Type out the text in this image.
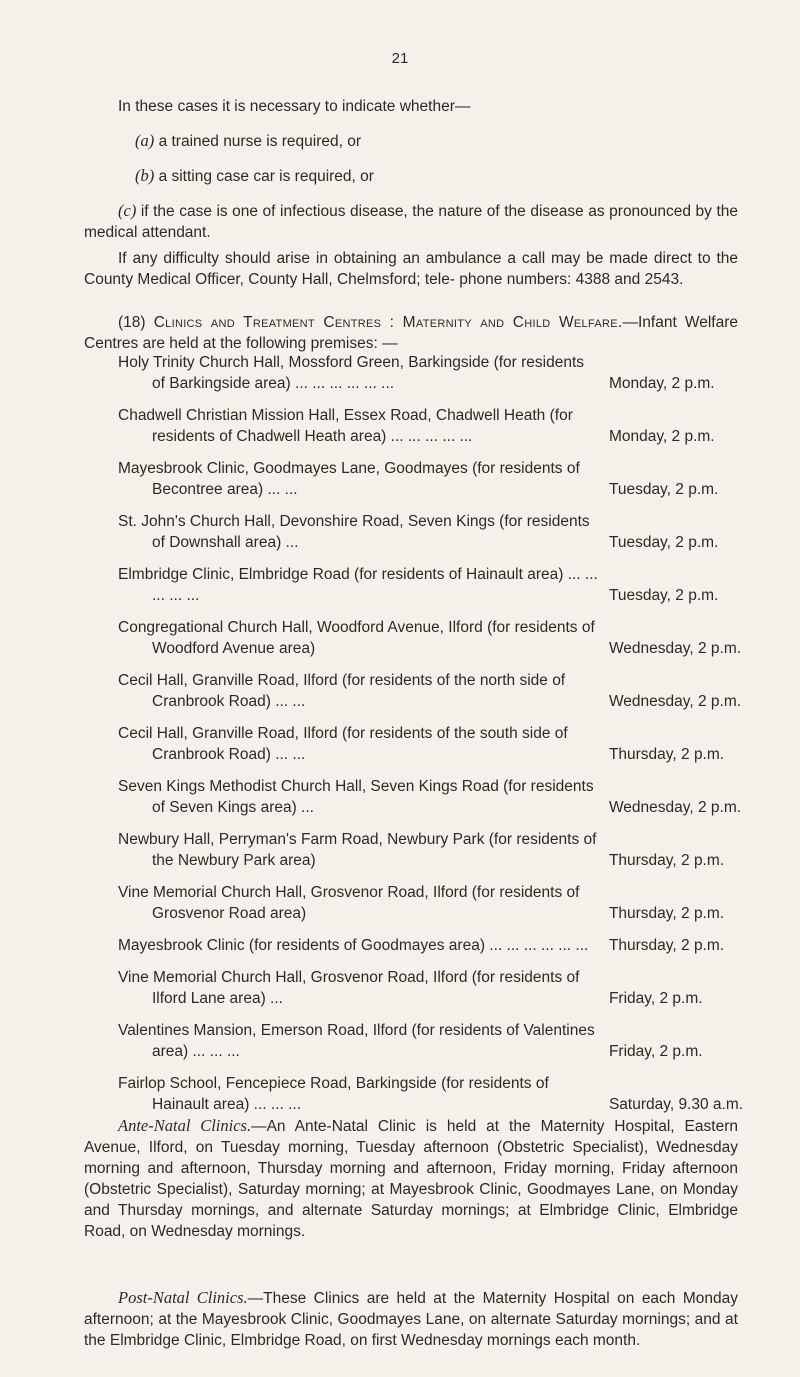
21

In these cases it is necessary to indicate whether—

(a) a trained nurse is required, or

(b) a sitting case car is required, or

(c) if the case is one of infectious disease, the nature of the disease as pronounced by the medical attendant.

If any difficulty should arise in obtaining an ambulance a call may be made direct to the County Medical Officer, County Hall, Chelmsford; tele- phone numbers: 4388 and 2543.

(18) Clinics and Treatment Centres : Maternity and Child Welfare.—Infant Welfare Centres are held at the following premises: —

Holy Trinity Church Hall, Mossford Green, Barkingside (for residents of Barkingside area) ... ... ... ... ... ...	Monday, 2 p.m.
Chadwell Christian Mission Hall, Essex Road, Chadwell Heath (for residents of Chadwell Heath area) ... ... ... ... ...	Monday, 2 p.m.
Mayesbrook Clinic, Goodmayes Lane, Goodmayes (for residents of Becontree area) ... ...	Tuesday, 2 p.m.
St. John's Church Hall, Devonshire Road, Seven Kings (for residents of Downshall area) ...	Tuesday, 2 p.m.
Elmbridge Clinic, Elmbridge Road (for residents of Hainault area) ... ... ... ... ...	Tuesday, 2 p.m.
Congregational Church Hall, Woodford Avenue, Ilford (for residents of Woodford Avenue area)	Wednesday, 2 p.m.
Cecil Hall, Granville Road, Ilford (for residents of the north side of Cranbrook Road) ... ...	Wednesday, 2 p.m.
Cecil Hall, Granville Road, Ilford (for residents of the south side of Cranbrook Road) ... ...	Thursday, 2 p.m.
Seven Kings Methodist Church Hall, Seven Kings Road (for residents of Seven Kings area) ...	Wednesday, 2 p.m.
Newbury Hall, Perryman's Farm Road, Newbury Park (for residents of the Newbury Park area)	Thursday, 2 p.m.
Vine Memorial Church Hall, Grosvenor Road, Ilford (for residents of Grosvenor Road area)	Thursday, 2 p.m.
Mayesbrook Clinic (for residents of Goodmayes area) ... ... ... ... ... ...	Thursday, 2 p.m.
Vine Memorial Church Hall, Grosvenor Road, Ilford (for residents of Ilford Lane area) ...	Friday, 2 p.m.
Valentines Mansion, Emerson Road, Ilford (for residents of Valentines area) ... ... ...	Friday, 2 p.m.
Fairlop School, Fencepiece Road, Barkingside (for residents of Hainault area) ... ... ...	Saturday, 9.30 a.m.

Ante-Natal Clinics.—An Ante-Natal Clinic is held at the Maternity Hospital, Eastern Avenue, Ilford, on Tuesday morning, Tuesday afternoon (Obstetric Specialist), Wednesday morning and afternoon, Thursday morning and afternoon, Friday morning, Friday afternoon (Obstetric Specialist), Saturday morning; at Mayesbrook Clinic, Goodmayes Lane, on Monday and Thursday mornings, and alternate Saturday mornings; at Elmbridge Clinic, Elmbridge Road, on Wednesday mornings.

Post-Natal Clinics.—These Clinics are held at the Maternity Hospital on each Monday afternoon; at the Mayesbrook Clinic, Goodmayes Lane, on alternate Saturday mornings; and at the Elmbridge Clinic, Elmbridge Road, on first Wednesday mornings each month.
